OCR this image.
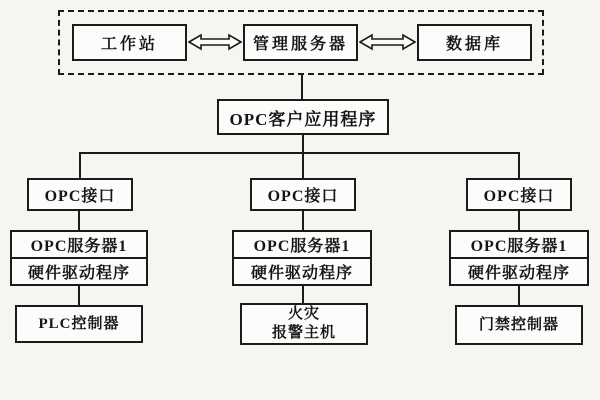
工作站	管理服务器	数据库
OPC客户应用程序
OPC接口	OPC接口	OPC接口
OPC服务器1
硬件驱动程序
OPC服务器1
硬件驱动程序
OPC服务器1
硬件驱动程序
PLC控制器
火灾
报警主机
门禁控制器
